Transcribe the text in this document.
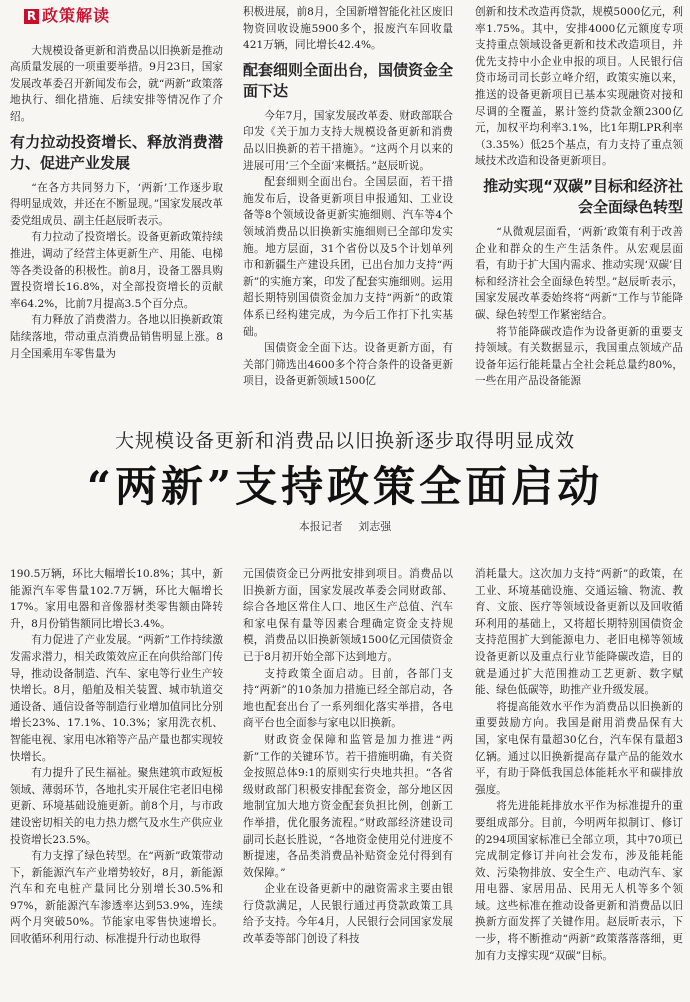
R 政策解读

大规模设备更新和消费品以旧换新是推动高质量发展的一项重要举措。9月23日，国家发展改革委召开新闻发布会，就“两新”政策落地执行、细化措施、后续安排等情况作了介绍。

有力拉动投资增长、释放消费潜力、促进产业发展

“在各方共同努力下，‘两新’工作逐步取得明显成效，并还在不断显现。”国家发展改革委党组成员、副主任赵辰昕表示。

有力拉动了投资增长。设备更新政策持续推进，调动了经营主体更新生产、用能、电梯等各类设备的积极性。前8月，设备工器具购置投资增长16.8%，对全部投资增长的贡献率64.2%，比前7月提高3.5个百分点。

有力释放了消费潜力。各地以旧换新政策陆续落地，带动重点消费品销售明显上涨。8月全国乘用车零售量为

积极进展，前8月，全国新增智能化社区废旧物资回收设施5900多个，报废汽车回收量421万辆，同比增长42.4%。

配套细则全面出台，国债资金全面下达

今年7月，国家发展改革委、财政部联合印发《关于加力支持大规模设备更新和消费品以旧换新的若干措施》。“这两个月以来的进展可用‘三个全面’来概括。”赵辰昕说。

配套细则全面出台。全国层面，若干措施发布后，设备更新项目申报通知、工业设备等8个领域设备更新实施细则、汽车等4个领域消费品以旧换新实施细则已全部印发实施。地方层面，31个省份以及5个计划单列市和新疆生产建设兵团，已出台加力支持“两新”的实施方案，印发了配套实施细则。运用超长期特别国债资金加力支持“两新”的政策体系已经构建完成，为今后工作打下扎实基础。

国债资金全面下达。设备更新方面，有关部门筛选出4600多个符合条件的设备更新项目，设备更新领域1500亿

创新和技术改造再贷款，规模5000亿元，利率1.75%。其中，安排4000亿元额度专项支持重点领域设备更新和技术改造项目，并优先支持中小企业申报的项目。人民银行信贷市场司司长彭立峰介绍，政策实施以来，推送的设备更新项目已基本实现融资对接和尽调的全覆盖，累计签约贷款金额2300亿元，加权平均利率3.1%，比1年期LPR利率（3.35%）低25个基点，有力支持了重点领域技术改造和设备更新项目。

推动实现“双碳”目标和经济社会全面绿色转型

“从微观层面看，‘两新’政策有利于改善企业和群众的生产生活条件。从宏观层面看，有助于扩大国内需求、推动实现‘双碳’目标和经济社会全面绿色转型。”赵辰昕表示，国家发展改革委始终将“两新”工作与节能降碳、绿色转型工作紧密结合。

将节能降碳改造作为设备更新的重要支持领域。有关数据显示，我国重点领域产品设备年运行能耗量占全社会耗总量约80%，一些在用产品设备能源

大规模设备更新和消费品以旧换新逐步取得明显成效
“两新”支持政策全面启动
本报记者 刘志强

190.5万辆，环比大幅增长10.8%；其中，新能源汽车零售量102.7万辆，环比大幅增长17%。家用电器和音像器材类零售额由降转升，8月份销售额同比增长3.4%。

有力促进了产业发展。“两新”工作持续激发需求潜力，相关政策效应正在向供给部门传导，推动设备制造、汽车、家电等行业生产较快增长。8月，船舶及相关装置、城市轨道交通设备、通信设备等制造行业增加值同比分别增长23%、17.1%、10.3%；家用洗衣机、智能电视、家用电冰箱等产品产量也都实现较快增长。

有力提升了民生福祉。聚焦建筑市政短板领域、薄弱环节，各地扎实开展住宅老旧电梯更新、环境基础设施更新。前8个月，与市政建设密切相关的电力热力燃气及水生产供应业投资增长23.5%。

有力支撑了绿色转型。在“两新”政策带动下，新能源汽车产业增势较好，8月，新能源汽车和充电桩产量同比分别增长30.5%和97%，新能源汽车渗透率达到53.9%，连续两个月突破50%。节能家电零售快速增长。回收循环利用行动、标准提升行动也取得

元国债资金已分两批安排到项目。消费品以旧换新方面，国家发展改革委会同财政部、综合各地区常住人口、地区生产总值、汽车和家电保有量等因素合理确定资金支持规模，消费品以旧换新领域1500亿元国债资金已于8月初开始全部下达到地方。

支持政策全面启动。目前，各部门支持“两新”的10条加力措施已经全部启动，各地也配套出台了一系列细化落实举措，各电商平台也全面参与家电以旧换新。

财政资金保障和监管是加力推进“两新”工作的关键环节。若干措施明确，有关资金按照总体9:1的原则实行央地共担。“各省级财政部门积极安排配套资金，部分地区因地制宜加大地方资金配套负担比例，创新工作举措，优化服务流程。”财政部经济建设司副司长赵长胜说，“各地资金使用兑付进度不断提速，各品类消费品补贴资金兑付得到有效保障。”

企业在设备更新中的融资需求主要由银行贷款满足，人民银行通过再贷款政策工具给予支持。今年4月，人民银行会同国家发展改革委等部门创设了科技

消耗量大。这次加力支持“两新”的政策，在工业、环境基础设施、交通运输、物流、教育、文旅、医疗等领域设备更新以及回收循环利用的基础上，又将超长期特别国债资金支持范围扩大到能源电力、老旧电梯等领域设备更新以及重点行业节能降碳改造，目的就是通过扩大范围推动工艺更新、数字赋能、绿色低碳等，助推产业升级发展。

将提高能效水平作为消费品以旧换新的重要鼓励方向。我国是耐用消费品保有大国，家电保有量超30亿台，汽车保有量超3亿辆。通过以旧换新提高存量产品的能效水平，有助于降低我国总体能耗水平和碳排放强度。

将先进能耗排放水平作为标准提升的重要组成部分。目前，今明两年拟制订、修订的294项国家标准已全部立项，其中70项已完成制定修订并向社会发布，涉及能耗能效、污染物排放、安全生产、电动汽车、家用电器、家居用品、民用无人机等多个领域。这些标准在推动设备更新和消费品以旧换新方面发挥了关键作用。赵辰昕表示，下一步，将不断推动“两新”政策落落落细，更加有力支撑实现“双碳”目标。
